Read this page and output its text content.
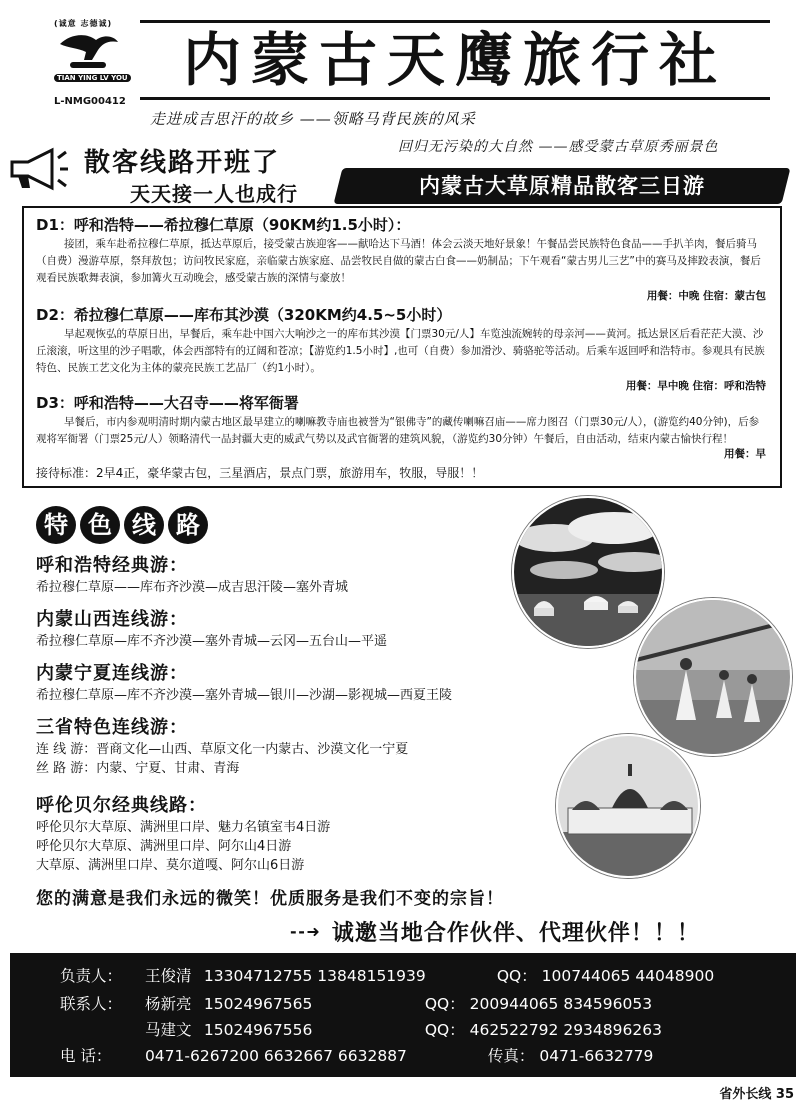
(诚意 志德诚)
TIAN YING LV YOU
L-NMG00412
内蒙古天鹰旅行社
走进成吉思汗的故乡 ——领略马背民族的风采
回归无污染的大自然 ——感受蒙古草原秀丽景色
散客线路开班了
天天接一人也成行	内蒙古大草原精品散客三日游
D1：呼和浩特——希拉穆仁草原（90KM约1.5小时）：
接团，乘车赴希拉穆仁草原，抵达草原后，接受蒙古族迎客——献哈达下马酒！体会云淡天地好景象！午餐品尝民族特色食品——手扒羊肉，餐后骑马（自费）漫游草原，祭拜敖包；访问牧民家庭，亲临蒙古族家庭、品尝牧民自做的蒙古白食——奶制品；下午观看“蒙古男儿三艺”中的赛马及摔跤表演，餐后观看民族歌舞表演，参加篝火互动晚会，感受蒙古族的深情与豪放！
用餐：中晚 住宿：蒙古包
D2：希拉穆仁草原——库布其沙漠（320KM约4.5~5小时）
早起观恢弘的草原日出，早餐后，乘车赴中国六大响沙之一的库布其沙漠【门票30元/人】车览浊流婉转的母亲河——黄河。抵达景区后看茫茫大漠、沙丘滚滚，听这里的沙子唱歌，体会西部特有的辽阔和苍凉；【游览约1.5小时】,也可（自费）参加滑沙、骑骆驼等活动。后乘车返回呼和浩特市。参观具有民族特色、民族工艺文化为主体的蒙亮民族工艺品厂（约1小时）。
用餐：早中晚 住宿：呼和浩特
D3：呼和浩特——大召寺——将军衙署
早餐后，市内参观明清时期内蒙古地区最早建立的喇嘛教寺庙也被誉为“银佛寺”的藏传喇嘛召庙——席力图召（门票30元/人），(游览约40分钟)，后参观将军衙署（门票25元/人）领略清代一品封疆大吏的威武气势以及武官衙署的建筑风貌，（游览约30分钟）午餐后，自由活动，结束内蒙古愉快行程！
用餐：早
接待标准：2早4正，豪华蒙古包，三星酒店，景点门票，旅游用车，牧服，导服！！
特 色 线 路
呼和浩特经典游：
希拉穆仁草原——库布齐沙漠—成吉思汗陵—塞外青城
内蒙山西连线游：
希拉穆仁草原—库不齐沙漠—塞外青城—云冈—五台山—平遥
内蒙宁夏连线游：
希拉穆仁草原—库不齐沙漠—塞外青城—银川—沙湖—影视城—西夏王陵
三省特色连线游：
连 线 游：晋商文化—山西、草原文化一内蒙古、沙漠文化一宁夏
丝 路 游：内蒙、宁夏、甘肃、青海
呼伦贝尔经典线路：
呼伦贝尔大草原、满洲里口岸、魅力名镇室韦4日游
呼伦贝尔大草原、满洲里口岸、阿尔山4日游
大草原、满洲里口岸、莫尔道嘎、阿尔山6日游
您的满意是我们永远的微笑！优质服务是我们不变的宗旨！
- - ➜ 诚邀当地合作伙伴、代理伙伴！！！
负责人： 王俊清 13304712755 13848151939	QQ： 100744065 44048900
联系人： 杨新亮 15024967565	QQ： 200944065 834596053
马建文 15024967556	QQ： 462522792 2934896263
电 话： 0471-6267200 6632667 6632887	传真： 0471-6632779
省外长线 35
